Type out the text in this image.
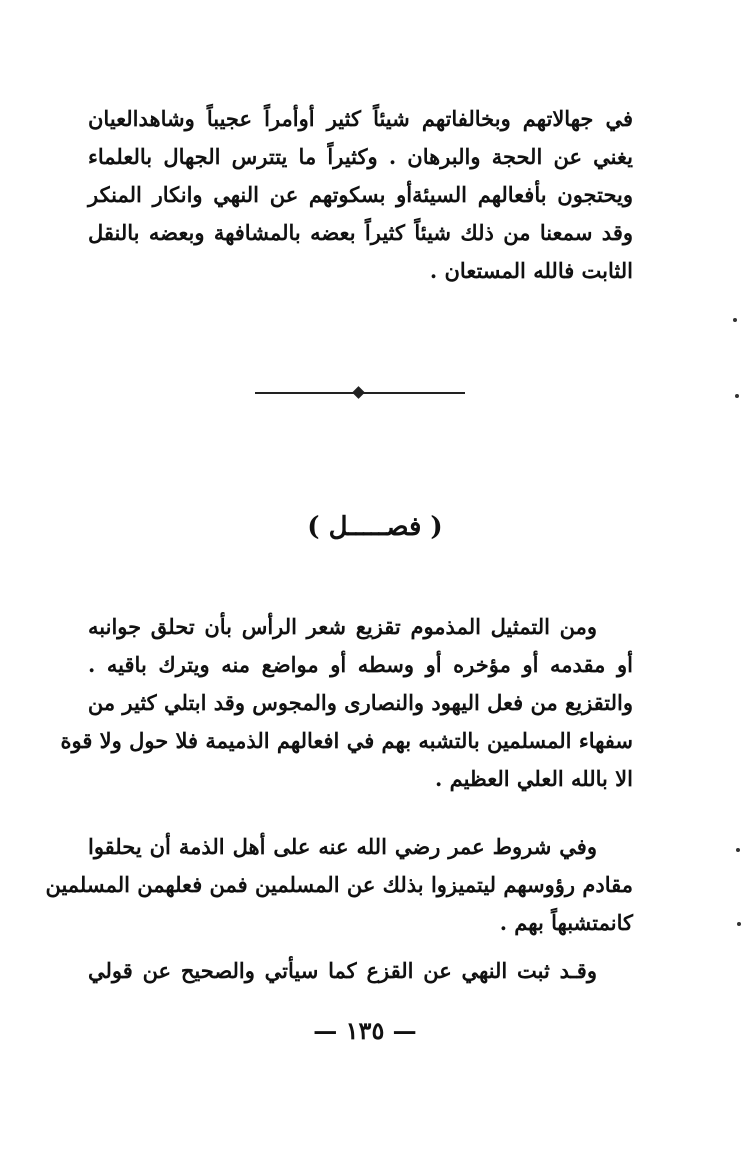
في جهالاتهم وبخالفاتهم شيئاً كثير أوأمراً عجيباً وشاهدالعيان
يغني عن الحجة والبرهان . وكثيراً ما يتترس الجهال بالعلماء
ويحتجون بأفعالهم السيئةأو بسكوتهم عن النهي وانكار المنكر
وقد سمعنا من ذلك شيئاً كثيراً بعضه بالمشافهة وبعضه بالنقل
الثابت فالله المستعان .
( فصـــــل )
ومن التمثيل المذموم تقزيع شعر الرأس بأن تحلق جوانبه
أو مقدمه أو مؤخره أو وسطه أو مواضع منه ويترك باقيه .
والتقزيع من فعل اليهود والنصارى والمجوس وقد ابتلي كثير من
سفهاء المسلمين بالتشبه بهم في افعالهم الذميمة فلا حول ولا قوة
الا بالله العلي العظيم .
وفي شروط عمر رضي الله عنه على أهل الذمة أن يحلقوا
مقادم رؤوسهم ليتميزوا بذلك عن المسلمين فمن فعلهمن المسلمين
كانمتشبهاً بهم .
وقـد ثبت النهي عن القزع كما سيأتي والصحيح عن قولي
— ١٣٥ —
